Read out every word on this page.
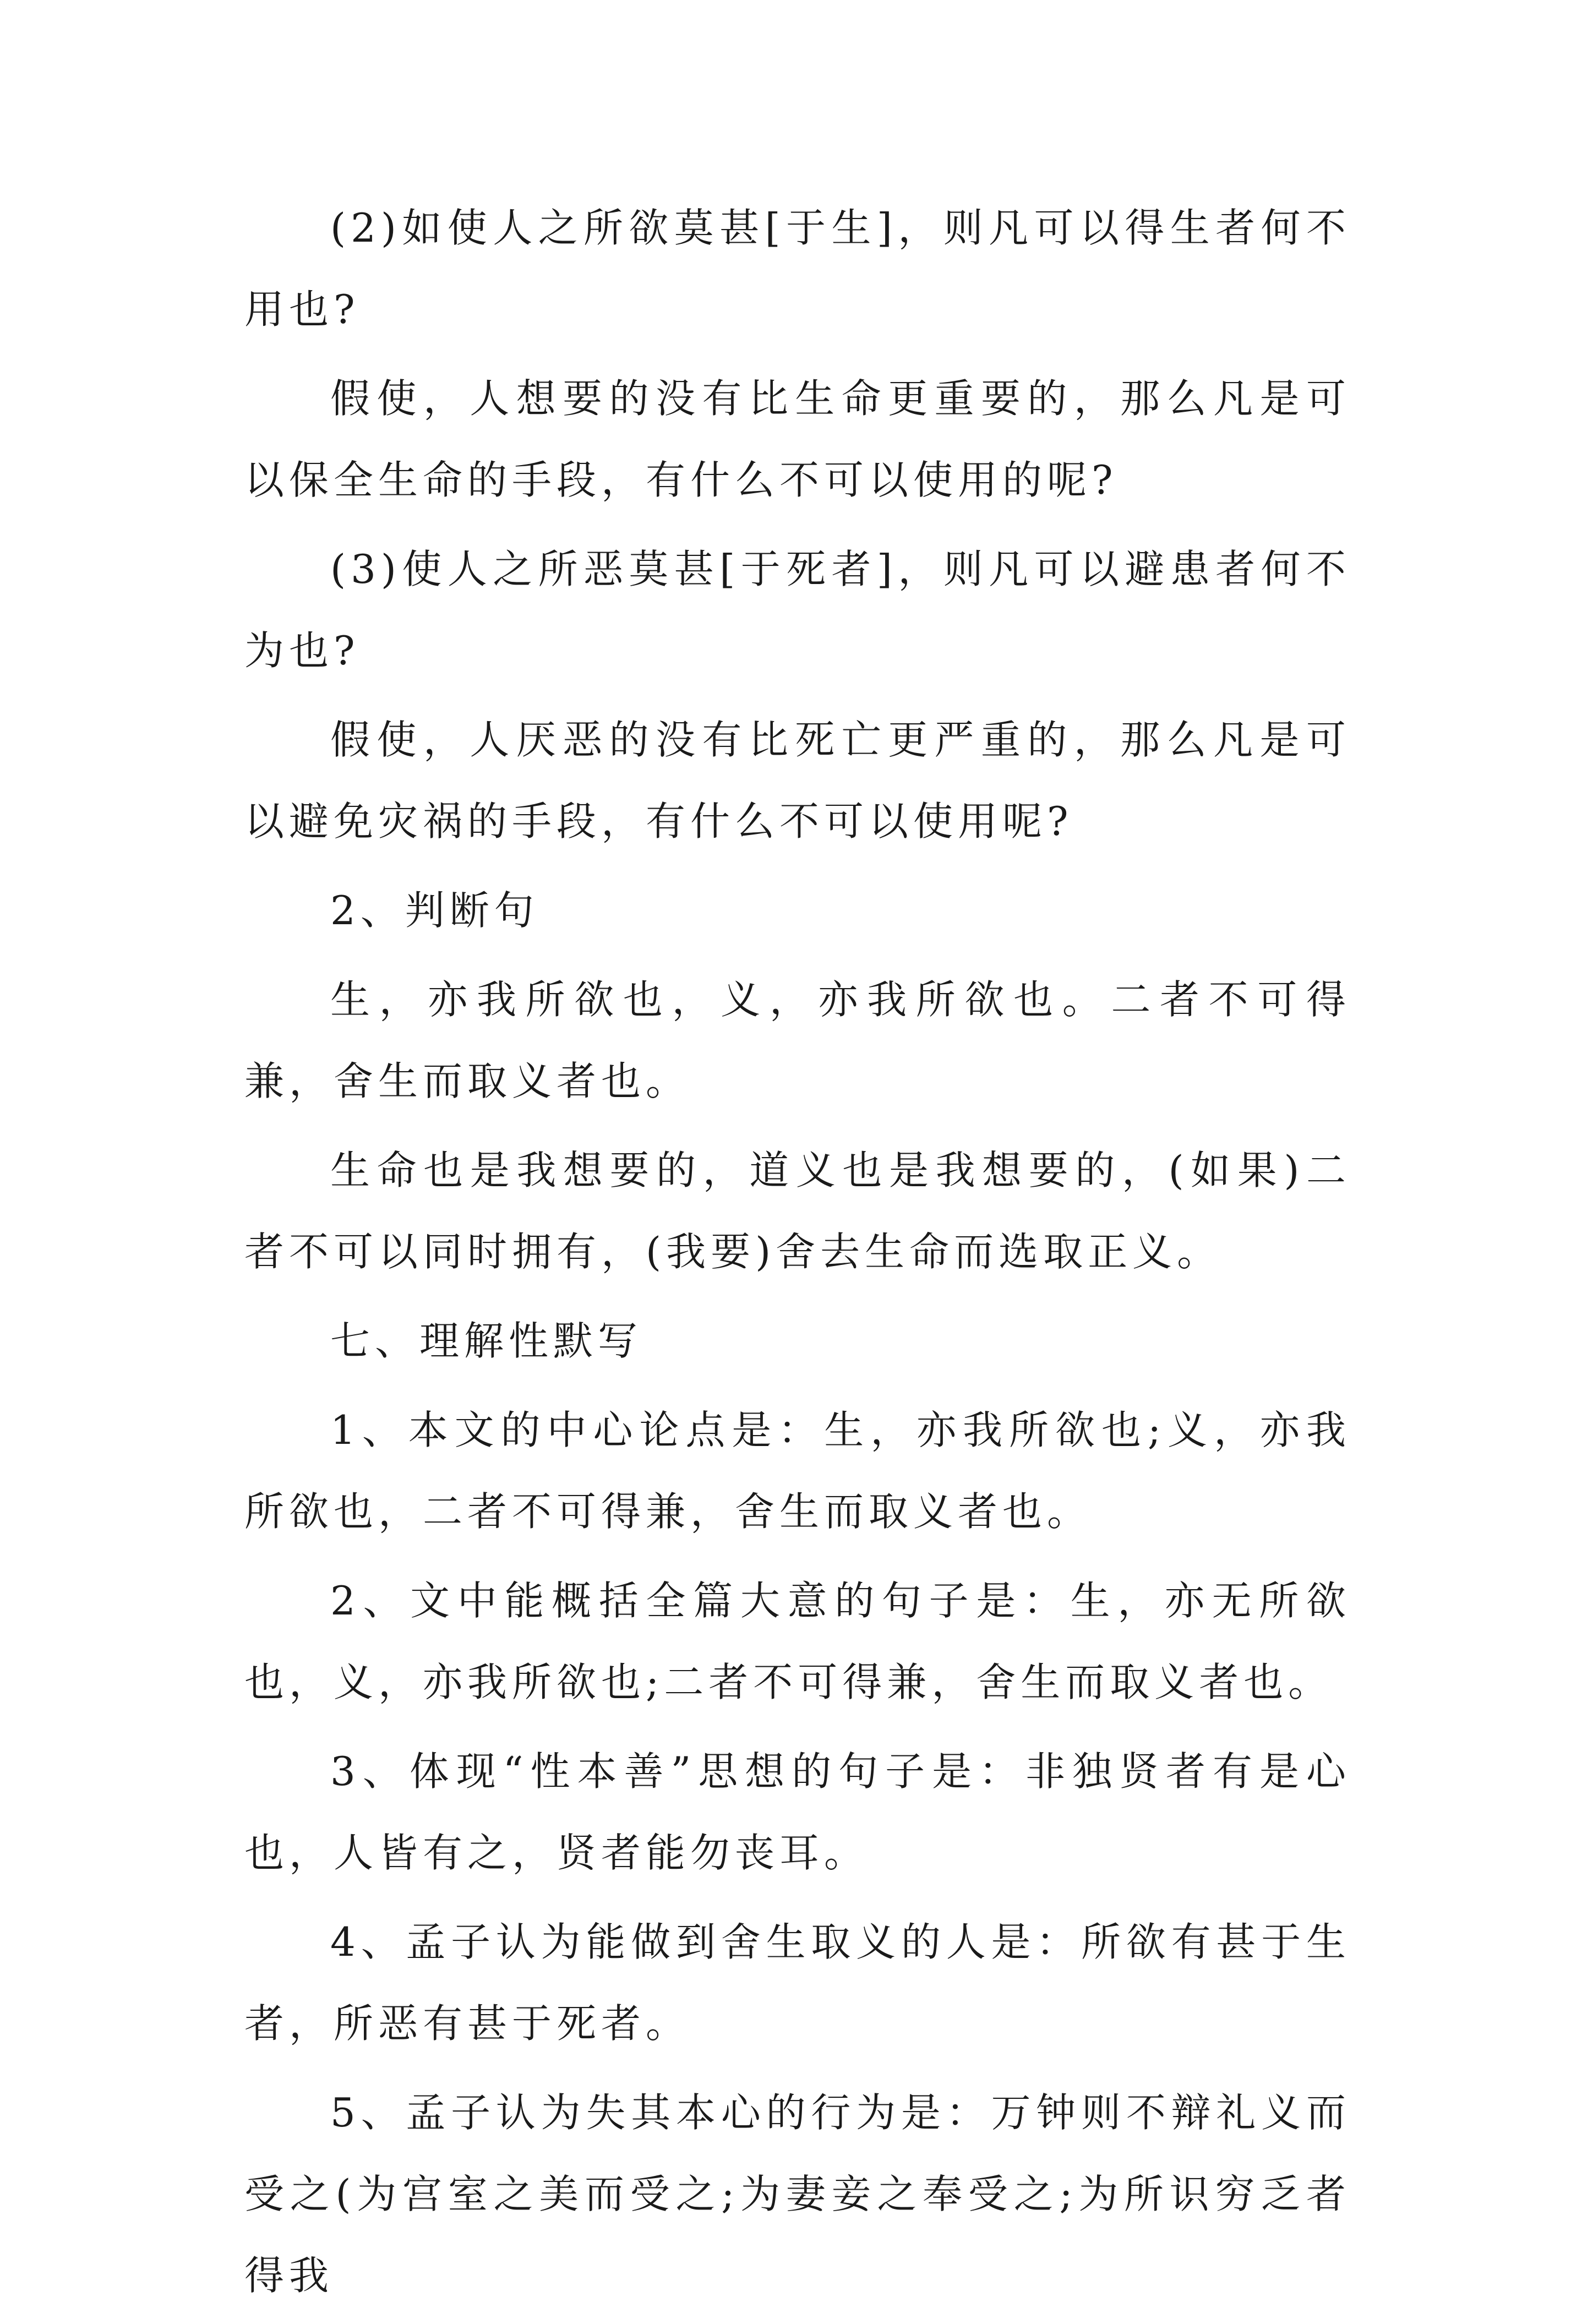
(2)如使人之所欲莫甚[于生]，则凡可以得生者何不用也?

假使，人想要的没有比生命更重要的，那么凡是可以保全生命的手段，有什么不可以使用的呢?

(3)使人之所恶莫甚[于死者]，则凡可以避患者何不为也?

假使，人厌恶的没有比死亡更严重的，那么凡是可以避免灾祸的手段，有什么不可以使用呢?

2、判断句

生，亦我所欲也，义，亦我所欲也。二者不可得兼，舍生而取义者也。

生命也是我想要的，道义也是我想要的，(如果)二者不可以同时拥有，(我要)舍去生命而选取正义。

七、理解性默写

1、本文的中心论点是：生，亦我所欲也;义，亦我所欲也，二者不可得兼，舍生而取义者也。

2、文中能概括全篇大意的句子是：生，亦无所欲也，义，亦我所欲也;二者不可得兼，舍生而取义者也。

3、体现“性本善”思想的句子是：非独贤者有是心也，人皆有之，贤者能勿丧耳。

4、孟子认为能做到舍生取义的人是：所欲有甚于生者，所恶有甚于死者。

5、孟子认为失其本心的行为是：万钟则不辩礼义而受之(为宫室之美而受之;为妻妾之奉受之;为所识穷乏者得我
